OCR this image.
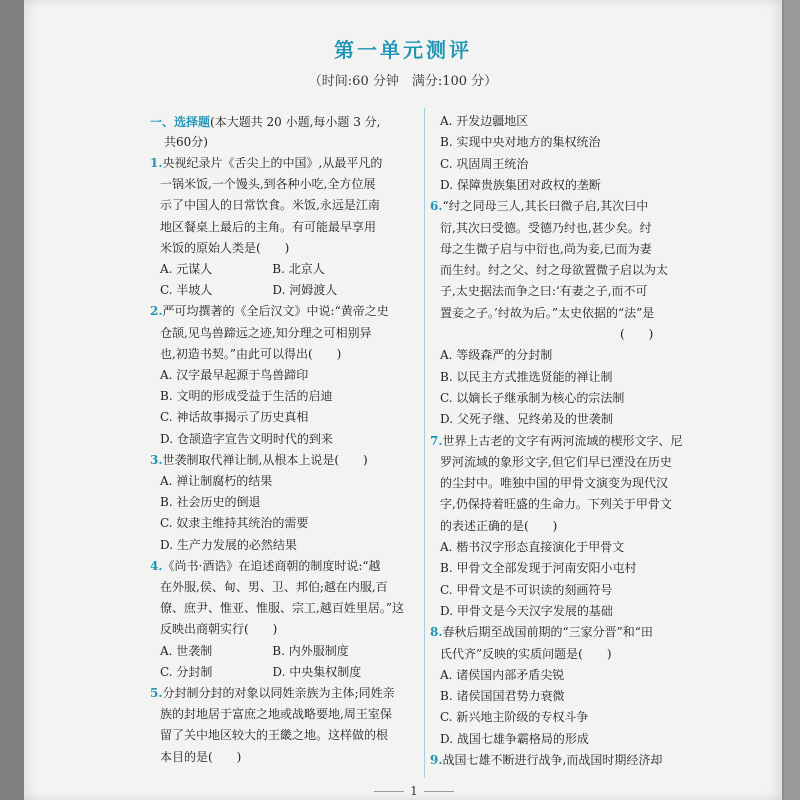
第一单元测评
（时间:60 分钟　满分:100 分）
一、选择题(本大题共 20 小题,每小题 3 分,
共60分)
1.央视纪录片《舌尖上的中国》,从最平凡的
一锅米饭,一个馒头,到各种小吃,全方位展
示了中国人的日常饮食。米饭,永远是江南
地区餐桌上最后的主角。有可能最早享用
米饭的原始人类是(　　)
A. 元谋人　　　　　B. 北京人
C. 半坡人　　　　　D. 河姆渡人
2.严可均撰著的《全后汉文》中说:“黄帝之史
仓颉,见鸟兽蹄远之迹,知分理之可相别异
也,初造书契。”由此可以得出(　　)
A. 汉字最早起源于鸟兽蹄印
B. 文明的形成受益于生活的启迪
C. 神话故事揭示了历史真相
D. 仓颉造字宣告文明时代的到来
3.世袭制取代禅让制,从根本上说是(　　)
A. 禅让制腐朽的结果
B. 社会历史的倒退
C. 奴隶主维持其统治的需要
D. 生产力发展的必然结果
4.《尚书·酒诰》在追述商朝的制度时说:“越
在外服,侯、甸、男、卫、邦伯;越在内服,百
僚、庶尹、惟亚、惟服、宗工,越百姓里居。”这
反映出商朝实行(　　)
A. 世袭制　　　　　B. 内外服制度
C. 分封制　　　　　D. 中央集权制度
5.分封制分封的对象以同姓亲族为主体;同姓亲
族的封地居于富庶之地或战略要地,周王室保
留了关中地区较大的王畿之地。这样做的根
本目的是(　　)
A. 开发边疆地区
B. 实现中央对地方的集权统治
C. 巩固周王统治
D. 保障贵族集团对政权的垄断
6.“纣之同母三人,其长曰微子启,其次曰中
衍,其次曰受德。受德乃纣也,甚少矣。纣
母之生微子启与中衍也,尚为妾,已而为妻
而生纣。纣之父、纣之母欲置微子启以为太
子,太史据法而争之曰:‘有妻之子,而不可
置妾之子。’纣故为后。”太史依据的“法”是
　　　　　　　　　　　　　　　(　　)
A. 等级森严的分封制
B. 以民主方式推选贤能的禅让制
C. 以嫡长子继承制为核心的宗法制
D. 父死子继、兄终弟及的世袭制
7.世界上古老的文字有两河流域的楔形文字、尼
罗河流域的象形文字,但它们早已湮没在历史
的尘封中。唯独中国的甲骨文演变为现代汉
字,仍保持着旺盛的生命力。下列关于甲骨文
的表述正确的是(　　)
A. 楷书汉字形态直接演化于甲骨文
B. 甲骨文全部发现于河南安阳小屯村
C. 甲骨文是不可识读的刻画符号
D. 甲骨文是今天汉字发展的基础
8.春秋后期至战国前期的“三家分晋”和“田
氏代齐”反映的实质问题是(　　)
A. 诸侯国内部矛盾尖锐
B. 诸侯国国君势力衰微
C. 新兴地主阶级的专权斗争
D. 战国七雄争霸格局的形成
9.战国七雄不断进行战争,而战国时期经济却
1
